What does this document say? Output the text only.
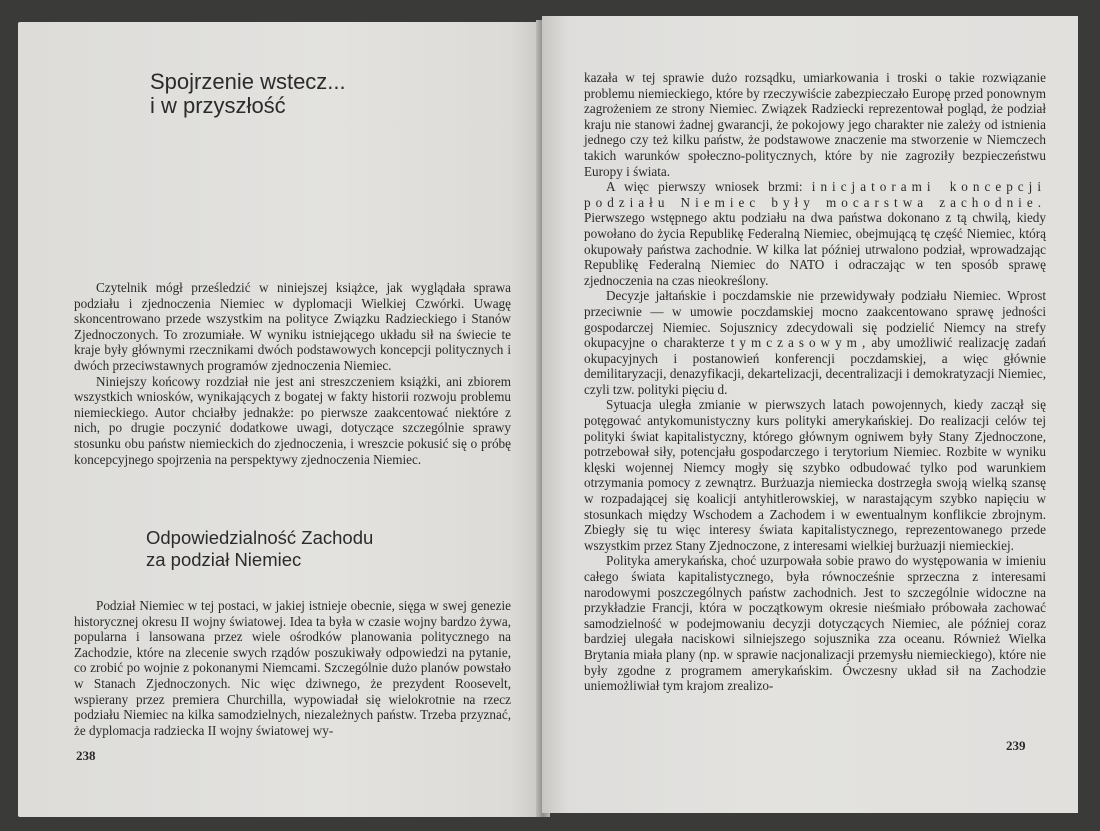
Spojrzenie wstecz...
i w przyszłość

Czytelnik mógł prześledzić w niniejszej książce, jak wyglądała sprawa podziału i zjednoczenia Niemiec w dyplomacji Wielkiej Czwórki. Uwagę skoncentrowano przede wszystkim na polityce Związku Radzieckiego i Stanów Zjednoczonych. To zrozumiałe. W wyniku istniejącego układu sił na świecie te kraje były głównymi rzecznikami dwóch podstawowych koncepcji politycznych i dwóch przeciwstawnych programów zjednoczenia Niemiec.

Niniejszy końcowy rozdział nie jest ani streszczeniem książki, ani zbiorem wszystkich wniosków, wynikających z bogatej w fakty historii rozwoju problemu niemieckiego. Autor chciałby jednakże: po pierwsze zaakcentować niektóre z nich, po drugie poczynić dodatkowe uwagi, dotyczące szczególnie sprawy stosunku obu państw niemieckich do zjednoczenia, i wreszcie pokusić się o próbę koncepcyjnego spojrzenia na perspektywy zjednoczenia Niemiec.

Odpowiedzialność Zachodu
za podział Niemiec

Podział Niemiec w tej postaci, w jakiej istnieje obecnie, sięga w swej genezie historycznej okresu II wojny światowej. Idea ta była w czasie wojny bardzo żywa, popularna i lansowana przez wiele ośrodków planowania politycznego na Zachodzie, które na zlecenie swych rządów poszukiwały odpowiedzi na pytanie, co zrobić po wojnie z pokonanymi Niemcami. Szczególnie dużo planów powstało w Stanach Zjednoczonych. Nic więc dziwnego, że prezydent Roosevelt, wspierany przez premiera Churchilla, wypowiadał się wielokrotnie na rzecz podziału Niemiec na kilka samodzielnych, niezależnych państw. Trzeba przyznać, że dyplomacja radziecka II wojny światowej wy-

238

kazała w tej sprawie dużo rozsądku, umiarkowania i troski o takie rozwiązanie problemu niemieckiego, które by rzeczywiście zabezpieczało Europę przed ponownym zagrożeniem ze strony Niemiec. Związek Radziecki reprezentował pogląd, że podział kraju nie stanowi żadnej gwarancji, że pokojowy jego charakter nie zależy od istnienia jednego czy też kilku państw, że podstawowe znaczenie ma stworzenie w Niemczech takich warunków społeczno-politycznych, które by nie zagroziły bezpieczeństwu Europy i świata.

A więc pierwszy wniosek brzmi: inicjatorami koncepcji podziału Niemiec były mocarstwa zachodnie. Pierwszego wstępnego aktu podziału na dwa państwa dokonano z tą chwilą, kiedy powołano do życia Republikę Federalną Niemiec, obejmującą tę część Niemiec, którą okupowały państwa zachodnie. W kilka lat później utrwalono podział, wprowadzając Republikę Federalną Niemiec do NATO i odraczając w ten sposób sprawę zjednoczenia na czas nieokreślony.

Decyzje jałtańskie i poczdamskie nie przewidywały podziału Niemiec. Wprost przeciwnie — w umowie poczdamskiej mocno zaakcentowano sprawę jedności gospodarczej Niemiec. Sojusznicy zdecydowali się podzielić Niemcy na strefy okupacyjne o charakterze tymczasowym, aby umożliwić realizację zadań okupacyjnych i postanowień konferencji poczdamskiej, a więc głównie demilitaryzacji, denazyfikacji, dekartelizacji, decentralizacji i demokratyzacji Niemiec, czyli tzw. polityki pięciu d.

Sytuacja uległa zmianie w pierwszych latach powojennych, kiedy zaczął się potęgować antykomunistyczny kurs polityki amerykańskiej. Do realizacji celów tej polityki świat kapitalistyczny, którego głównym ogniwem były Stany Zjednoczone, potrzebował siły, potencjału gospodarczego i terytorium Niemiec. Rozbite w wyniku klęski wojennej Niemcy mogły się szybko odbudować tylko pod warunkiem otrzymania pomocy z zewnątrz. Burżuazja niemiecka dostrzegła swoją wielką szansę w rozpadającej się koalicji antyhitlerowskiej, w narastającym szybko napięciu w stosunkach między Wschodem a Zachodem i w ewentualnym konflikcie zbrojnym. Zbiegły się tu więc interesy świata kapitalistycznego, reprezentowanego przede wszystkim przez Stany Zjednoczone, z interesami wielkiej burżuazji niemieckiej.

Polityka amerykańska, choć uzurpowała sobie prawo do występowania w imieniu całego świata kapitalistycznego, była równocześnie sprzeczna z interesami narodowymi poszczególnych państw zachodnich. Jest to szczególnie widoczne na przykładzie Francji, która w początkowym okresie nieśmiało próbowała zachować samodzielność w podejmowaniu decyzji dotyczących Niemiec, ale później coraz bardziej ulegała naciskowi silniejszego sojusznika zza oceanu. Również Wielka Brytania miała plany (np. w sprawie nacjonalizacji przemysłu niemieckiego), które nie były zgodne z programem amerykańskim. Ówczesny układ sił na Zachodzie uniemożliwiał tym krajom zrealizo-

239
